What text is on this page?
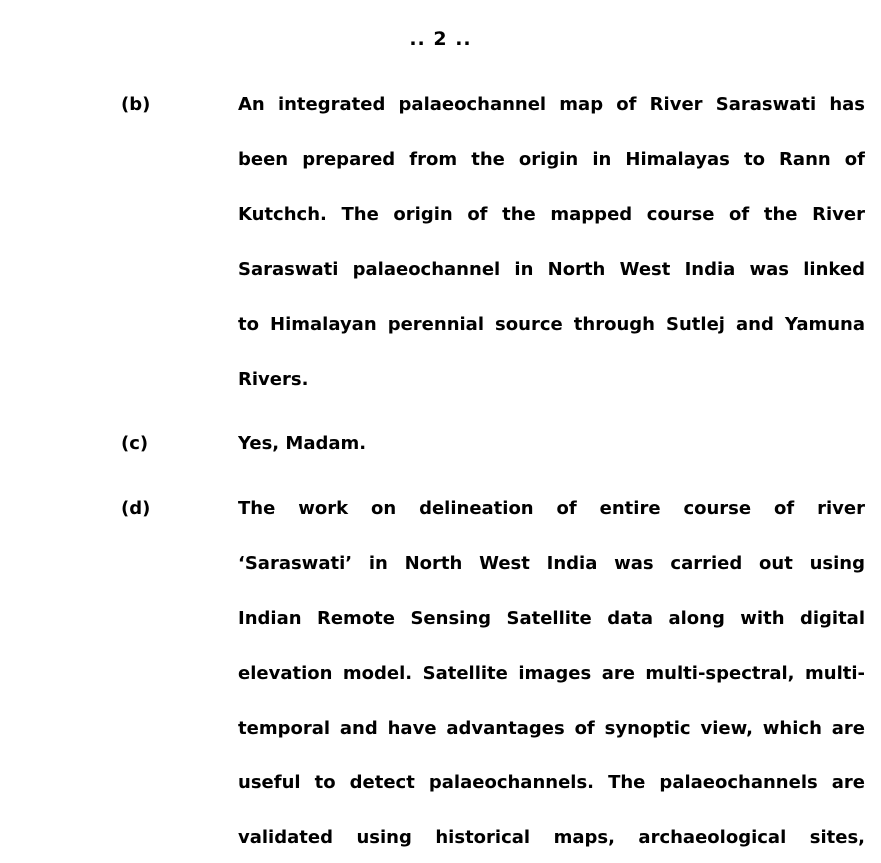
.. 2 ..
(b)	An integrated palaeochannel map of River Saraswati has
been prepared from the origin in Himalayas to Rann of
Kutchch. The origin of the mapped course of the River
Saraswati palaeochannel in North West India was linked
to Himalayan perennial source through Sutlej and Yamuna
Rivers.
(c)	Yes, Madam.
(d)	The work on delineation of entire course of river
‘Saraswati’ in North West India was carried out using
Indian Remote Sensing Satellite data along with digital
elevation model. Satellite images are multi-spectral, multi-
temporal and have advantages of synoptic view, which are
useful to detect palaeochannels. The palaeochannels are
validated using historical maps, archaeological sites,
